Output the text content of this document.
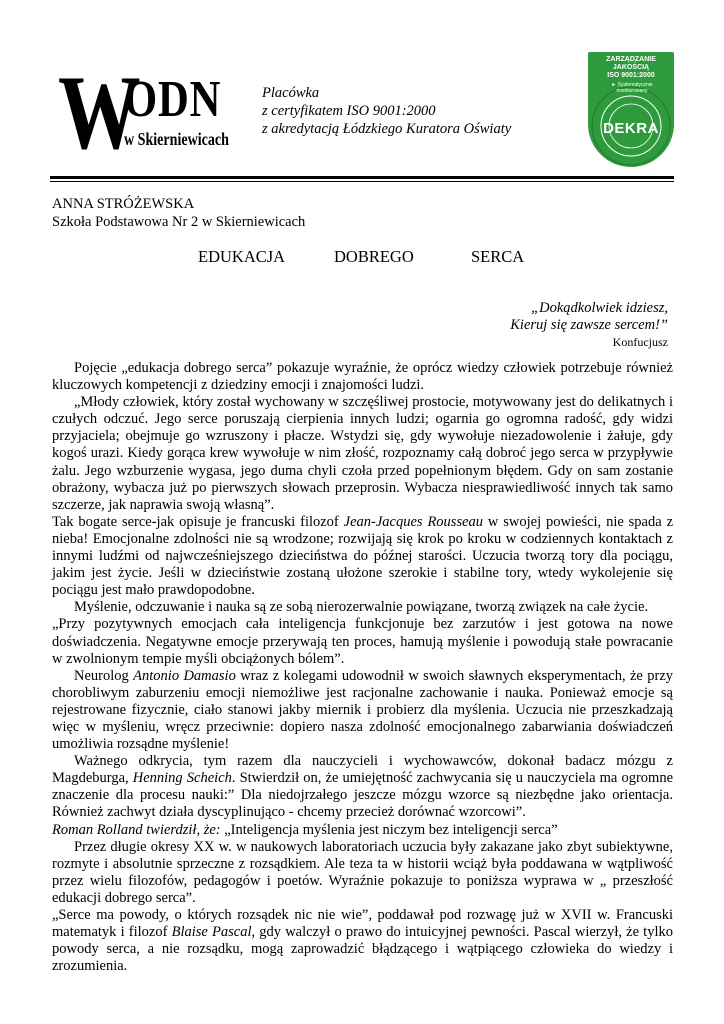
W
ODN
w Skierniewicach
Placówka
z certyfikatem ISO 9001:2000
z akredytacją Łódzkiego Kuratora Oświaty
ZARZĄDZANIE
JAKOŚCIĄ
ISO 9001:2000
► Systematycznie monitorowany
DEKRA
ANNA STRÓŻEWSKA
Szkoła Podstawowa Nr 2 w Skierniewicach
EDUKACJA	DOBREGO	SERCA
„Dokądkolwiek idziesz,
Kieruj się zawsze sercem!”
Konfucjusz

Pojęcie „edukacja dobrego serca” pokazuje wyraźnie, że oprócz wiedzy człowiek potrzebuje również kluczowych kompetencji z dziedziny emocji i znajomości ludzi.

„Młody człowiek, który został wychowany w szczęśliwej prostocie, motywowany jest do delikatnych i czułych odczuć. Jego serce poruszają cierpienia innych ludzi; ogarnia go ogromna radość, gdy widzi przyjaciela; obejmuje go wzruszony i płacze. Wstydzi się, gdy wywołuje niezadowolenie i żałuje, gdy kogoś urazi. Kiedy gorąca krew wywołuje w nim złość, rozpoznamy całą dobroć jego serca w przypływie żalu. Jego wzburzenie wygasa, jego duma chyli czoła przed popełnionym błędem. Gdy on sam zostanie obrażony, wybacza już po pierwszych słowach przeprosin. Wybacza niesprawiedliwość innych tak samo szczerze, jak naprawia swoją własną”.

Tak bogate serce-jak opisuje je francuski filozof Jean-Jacques Rousseau w swojej powieści, nie spada z nieba! Emocjonalne zdolności nie są wrodzone; rozwijają się krok po kroku w codziennych kontaktach z innymi ludźmi od najwcześniejszego dzieciństwa do późnej starości. Uczucia tworzą tory dla pociągu, jakim jest życie. Jeśli w dzieciństwie zostaną ułożone szerokie i stabilne tory, wtedy wykolejenie się pociągu jest mało prawdopodobne.

Myślenie, odczuwanie i nauka są ze sobą nierozerwalnie powiązane, tworzą związek na całe życie.

„Przy pozytywnych emocjach cała inteligencja funkcjonuje bez zarzutów i jest gotowa na nowe doświadczenia. Negatywne emocje przerywają ten proces, hamują myślenie i powodują stałe powracanie w zwolnionym tempie myśli obciążonych bólem”.

Neurolog Antonio Damasio wraz z kolegami udowodnił w swoich sławnych eksperymentach, że przy chorobliwym zaburzeniu emocji niemożliwe jest racjonalne zachowanie i nauka. Ponieważ emocje są rejestrowane fizycznie, ciało stanowi jakby miernik i probierz dla myślenia. Uczucia nie przeszkadzają więc w myśleniu, wręcz przeciwnie: dopiero nasza zdolność emocjonalnego zabarwiania doświadczeń umożliwia rozsądne myślenie!

Ważnego odkrycia, tym razem dla nauczycieli i wychowawców, dokonał badacz mózgu z Magdeburga, Henning Scheich. Stwierdził on, że umiejętność zachwycania się u nauczyciela ma ogromne znaczenie dla procesu nauki:” Dla niedojrzałego jeszcze mózgu wzorce są niezbędne jako orientacja. Również zachwyt działa dyscyplinująco - chcemy przecież dorównać wzorcowi”.

Roman Rolland twierdził, że: „Inteligencja myślenia jest niczym bez inteligencji serca”

Przez długie okresy XX w. w naukowych laboratoriach uczucia były zakazane jako zbyt subiektywne, rozmyte i absolutnie sprzeczne z rozsądkiem. Ale teza ta w historii wciąż była poddawana w wątpliwość przez wielu filozofów, pedagogów i poetów. Wyraźnie pokazuje to poniższa wyprawa w „ przeszłość edukacji dobrego serca”.

„Serce ma powody, o których rozsądek nic nie wie”, poddawał pod rozwagę już w XVII w. Francuski matematyk i filozof Blaise Pascal, gdy walczył o prawo do intuicyjnej pewności. Pascal wierzył, że tylko powody serca, a nie rozsądku, mogą zaprowadzić błądzącego i wątpiącego człowieka do wiedzy i zrozumienia.
